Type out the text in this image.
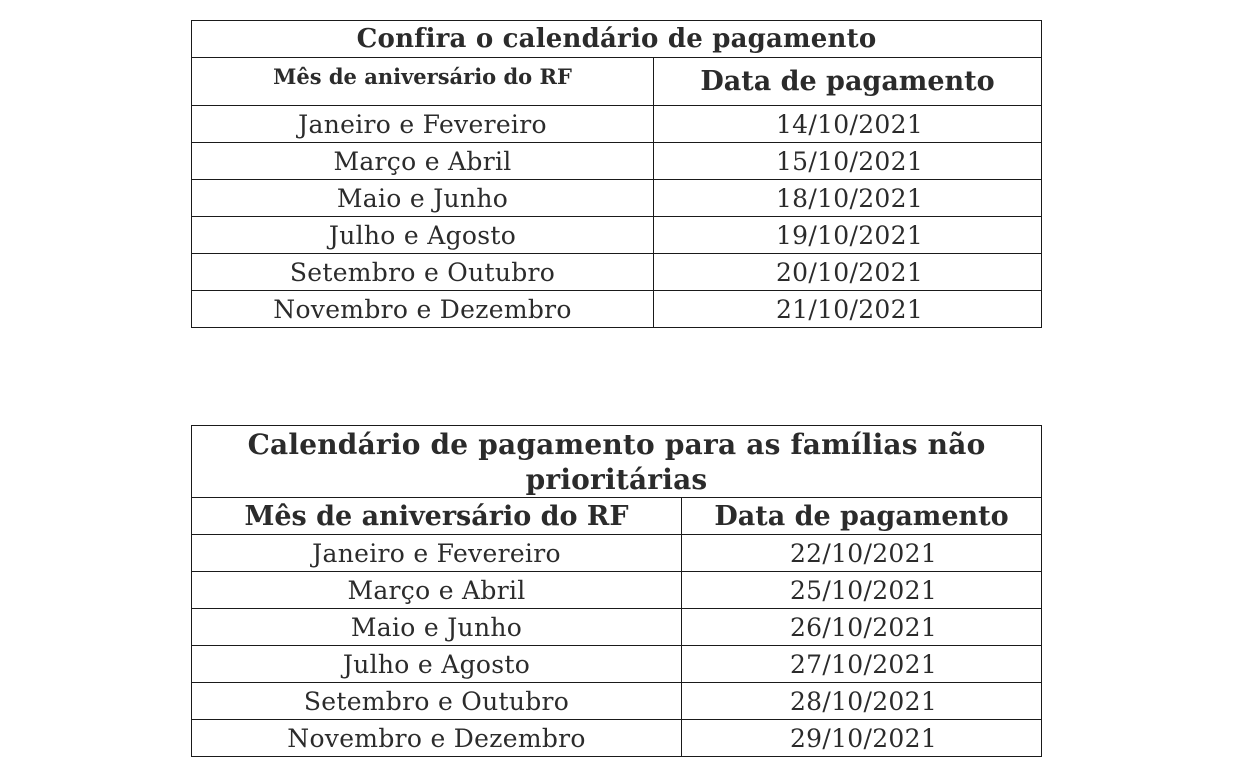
Confira o calendário de pagamento	
Mês de aniversário do RF	Data de pagamento
Janeiro e Fevereiro	14/10/2021
Março e Abril	15/10/2021
Maio e Junho	18/10/2021
Julho e Agosto	19/10/2021
Setembro e Outubro	20/10/2021
Novembro e Dezembro	21/10/2021
Calendário de pagamento para as famílias não prioritárias	
Mês de aniversário do RF	Data de pagamento
Janeiro e Fevereiro	22/10/2021
Março e Abril	25/10/2021
Maio e Junho	26/10/2021
Julho e Agosto	27/10/2021
Setembro e Outubro	28/10/2021
Novembro e Dezembro	29/10/2021
